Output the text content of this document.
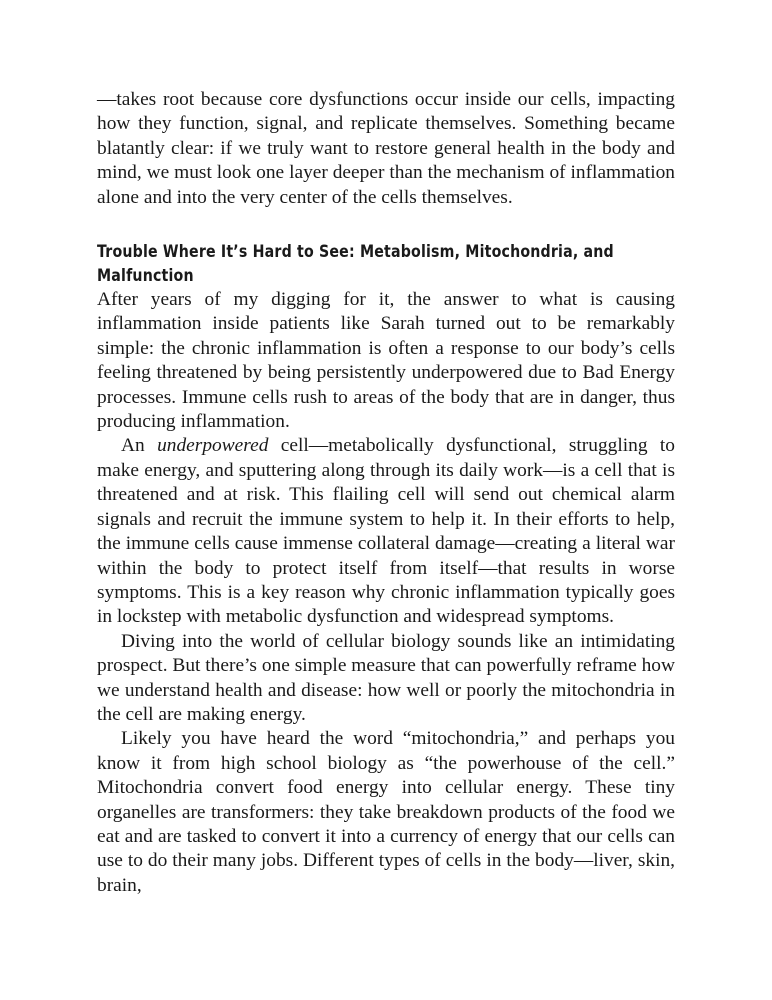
—takes root because core dysfunctions occur inside our cells, impacting how they function, signal, and replicate themselves. Something became blatantly clear: if we truly want to restore general health in the body and mind, we must look one layer deeper than the mechanism of inflammation alone and into the very center of the cells themselves.

Trouble Where It’s Hard to See: Metabolism, Mitochondria, and
Malfunction

After years of my digging for it, the answer to what is causing inflammation inside patients like Sarah turned out to be remarkably simple: the chronic inflammation is often a response to our body’s cells feeling threatened by being persistently underpowered due to Bad Energy processes. Immune cells rush to areas of the body that are in danger, thus producing inflammation.

An underpowered cell—metabolically dysfunctional, struggling to make energy, and sputtering along through its daily work—is a cell that is threatened and at risk. This flailing cell will send out chemical alarm signals and recruit the immune system to help it. In their efforts to help, the immune cells cause immense collateral damage—creating a literal war within the body to protect itself from itself—that results in worse symptoms. This is a key reason why chronic inflammation typically goes in lockstep with metabolic dysfunction and widespread symptoms.

Diving into the world of cellular biology sounds like an intimidating prospect. But there’s one simple measure that can powerfully reframe how we understand health and disease: how well or poorly the mitochondria in the cell are making energy.

Likely you have heard the word “mitochondria,” and perhaps you know it from high school biology as “the powerhouse of the cell.” Mitochondria convert food energy into cellular energy. These tiny organelles are transformers: they take breakdown products of the food we eat and are tasked to convert it into a currency of energy that our cells can use to do their many jobs. Different types of cells in the body—liver, skin, brain,
